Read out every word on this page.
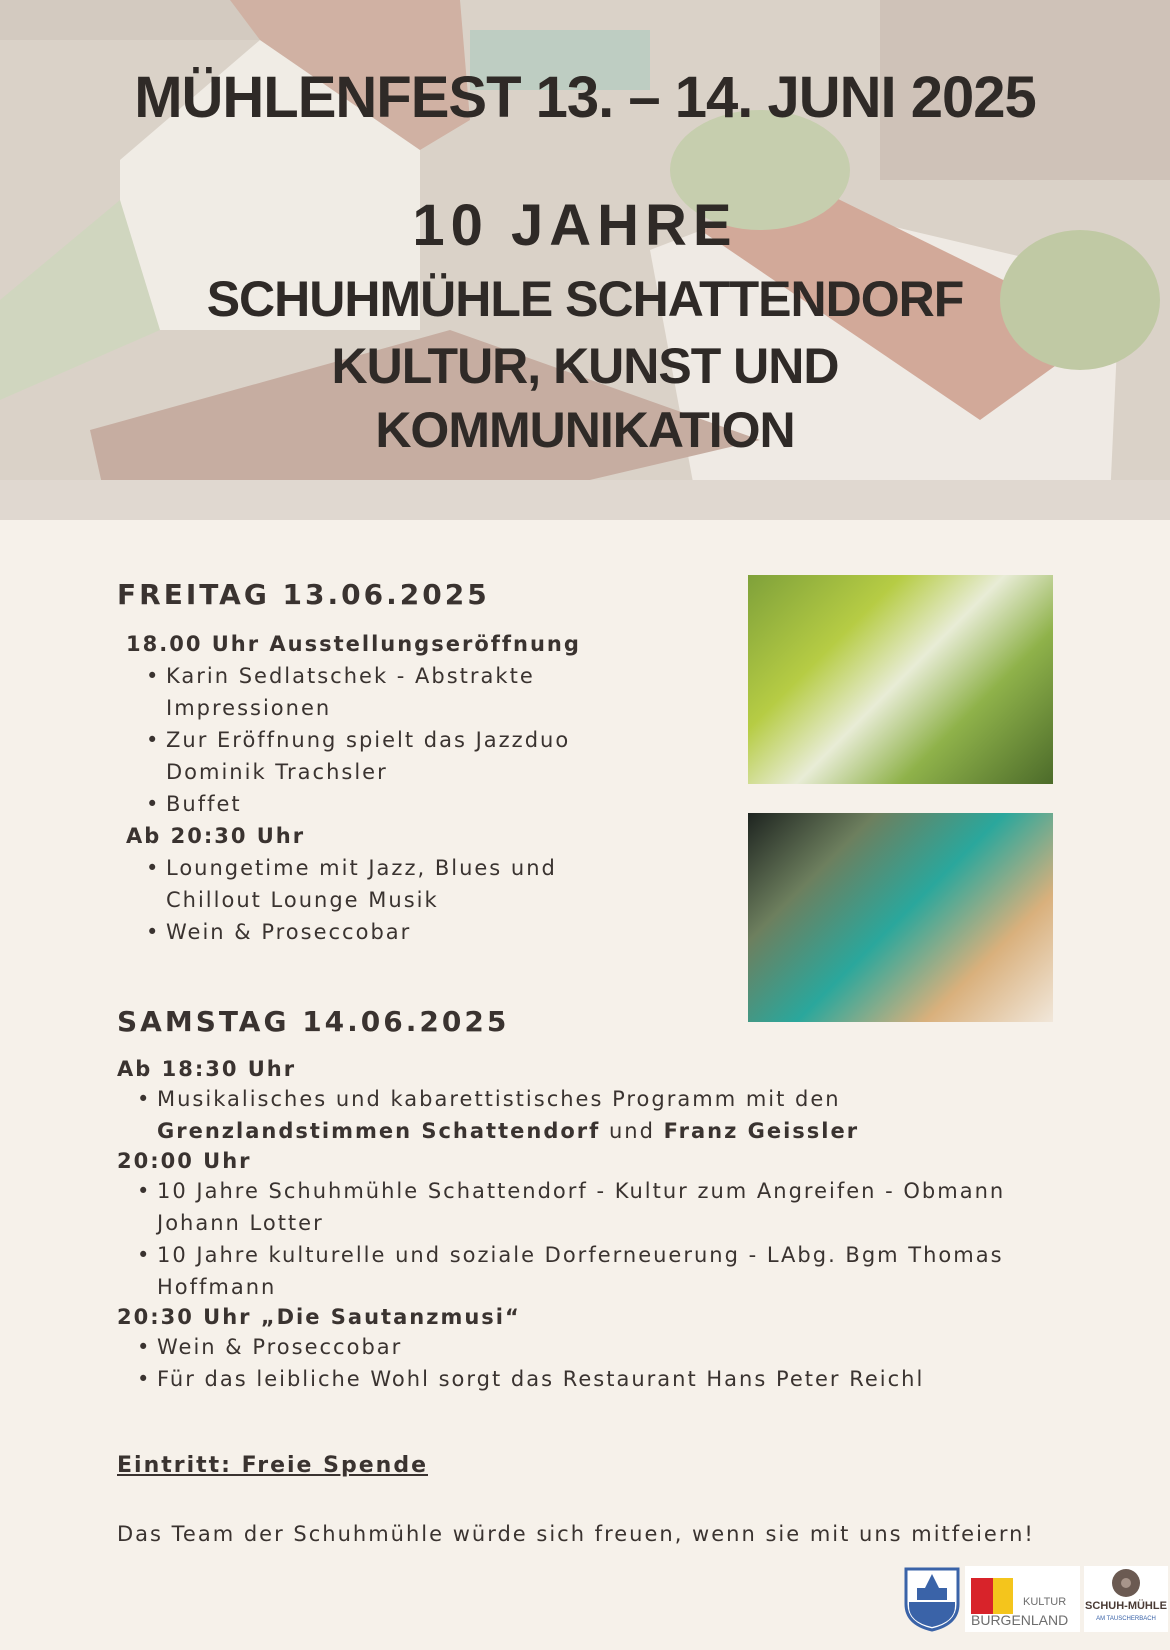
MÜHLENFEST 13. – 14. JUNI 2025
10 JAHRE
SCHUHMÜHLE SCHATTENDORF
KULTUR, KUNST UND
KOMMUNIKATION
FREITAG 13.06.2025
18.00 Uhr Ausstellungseröffnung
• Karin Sedlatschek - Abstrakte Impressionen
• Zur Eröffnung spielt das Jazzduo Dominik Trachsler
• Buffet
Ab 20:30 Uhr
• Loungetime mit Jazz, Blues und Chillout Lounge Musik
• Wein & Proseccobar
SAMSTAG 14.06.2025
Ab 18:30 Uhr
• Musikalisches und kabarettistisches Programm mit den
Grenzlandstimmen Schattendorf und Franz Geissler
20:00 Uhr
• 10 Jahre Schuhmühle Schattendorf - Kultur zum Angreifen - Obmann Johann Lotter
• 10 Jahre kulturelle und soziale Dorferneuerung - LAbg. Bgm Thomas Hoffmann
20:30 Uhr „Die Sautanzmusi“
• Wein & Proseccobar
• Für das leibliche Wohl sorgt das Restaurant Hans Peter Reichl
Eintritt: Freie Spende
Das Team der Schuhmühle würde sich freuen, wenn sie mit uns mitfeiern!
KULTUR
BURGENLAND
SCHUH-MÜHLE
AM TAUSCHERBACH
